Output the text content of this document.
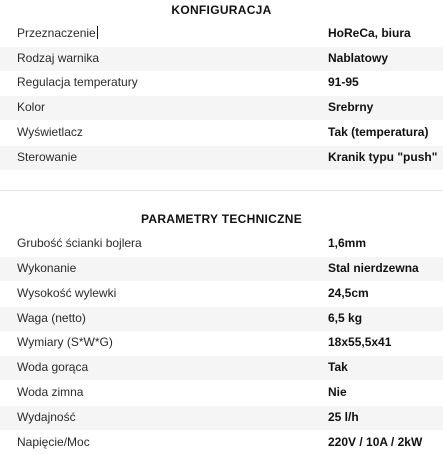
KONFIGURACJA
Przeznaczenie	HoReCa, biura
Rodzaj warnika	Nablatowy
Regulacja temperatury	91-95
Kolor	Srebrny
Wyświetlacz	Tak (temperatura)
Sterowanie	Kranik typu "push"
PARAMETRY TECHNICZNE
Grubość ścianki bojlera	1,6mm
Wykonanie	Stal nierdzewna
Wysokość wylewki	24,5cm
Waga (netto)	6,5 kg
Wymiary (S*W*G)	18x55,5x41
Woda gorąca	Tak
Woda zimna	Nie
Wydajność	25 l/h
Napięcie/Moc	220V / 10A / 2kW
